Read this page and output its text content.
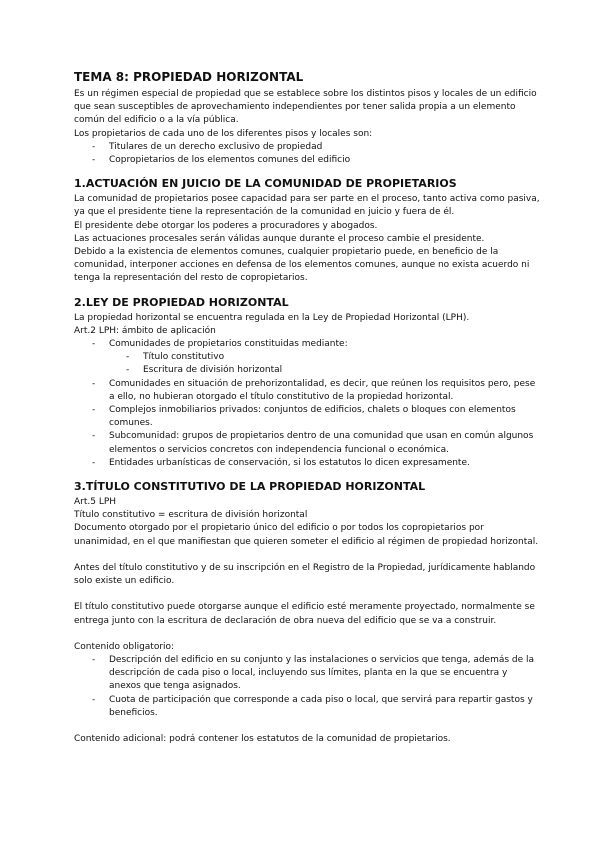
TEMA 8: PROPIEDAD HORIZONTAL

Es un régimen especial de propiedad que se establece sobre los distintos pisos y locales de un edificio que sean susceptibles de aprovechamiento independientes por tener salida propia a un elemento común del edificio o a la vía pública.

Los propietarios de cada uno de los diferentes pisos y locales son:

- Titulares de un derecho exclusivo de propiedad
- Copropietarios de los elementos comunes del edificio
1.ACTUACIÓN EN JUICIO DE LA COMUNIDAD DE PROPIETARIOS

La comunidad de propietarios posee capacidad para ser parte en el proceso, tanto activa como pasiva, ya que el presidente tiene la representación de la comunidad en juicio y fuera de él.

El presidente debe otorgar los poderes a procuradores y abogados.

Las actuaciones procesales serán válidas aunque durante el proceso cambie el presidente.

Debido a la existencia de elementos comunes, cualquier propietario puede, en beneficio de la comunidad, interponer acciones en defensa de los elementos comunes, aunque no exista acuerdo ni tenga la representación del resto de copropietarios.

2.LEY DE PROPIEDAD HORIZONTAL

La propiedad horizontal se encuentra regulada en la Ley de Propiedad Horizontal (LPH).

Art.2 LPH: ámbito de aplicación

- Comunidades de propietarios constituidas mediante:
- Título constitutivo
- Escritura de división horizontal
- Comunidades en situación de prehorizontalidad, es decir, que reúnen los requisitos pero, pese a ello, no hubieran otorgado el título constitutivo de la propiedad horizontal.
- Complejos inmobiliarios privados: conjuntos de edificios, chalets o bloques con elementos comunes.
- Subcomunidad: grupos de propietarios dentro de una comunidad que usan en común algunos elementos o servicios concretos con independencia funcional o económica.
- Entidades urbanísticas de conservación, si los estatutos lo dicen expresamente.
3.TÍTULO CONSTITUTIVO DE LA PROPIEDAD HORIZONTAL

Art.5 LPH

Título constitutivo = escritura de división horizontal

Documento otorgado por el propietario único del edificio o por todos los copropietarios por unanimidad, en el que manifiestan que quieren someter el edificio al régimen de propiedad horizontal.

Antes del título constitutivo y de su inscripción en el Registro de la Propiedad, jurídicamente hablando solo existe un edificio.

El título constitutivo puede otorgarse aunque el edificio esté meramente proyectado, normalmente se entrega junto con la escritura de declaración de obra nueva del edificio que se va a construir.

Contenido obligatorio:

- Descripción del edificio en su conjunto y las instalaciones o servicios que tenga, además de la descripción de cada piso o local, incluyendo sus límites, planta en la que se encuentra y anexos que tenga asignados.
- Cuota de participación que corresponde a cada piso o local, que servirá para repartir gastos y beneficios.

Contenido adicional: podrá contener los estatutos de la comunidad de propietarios.
